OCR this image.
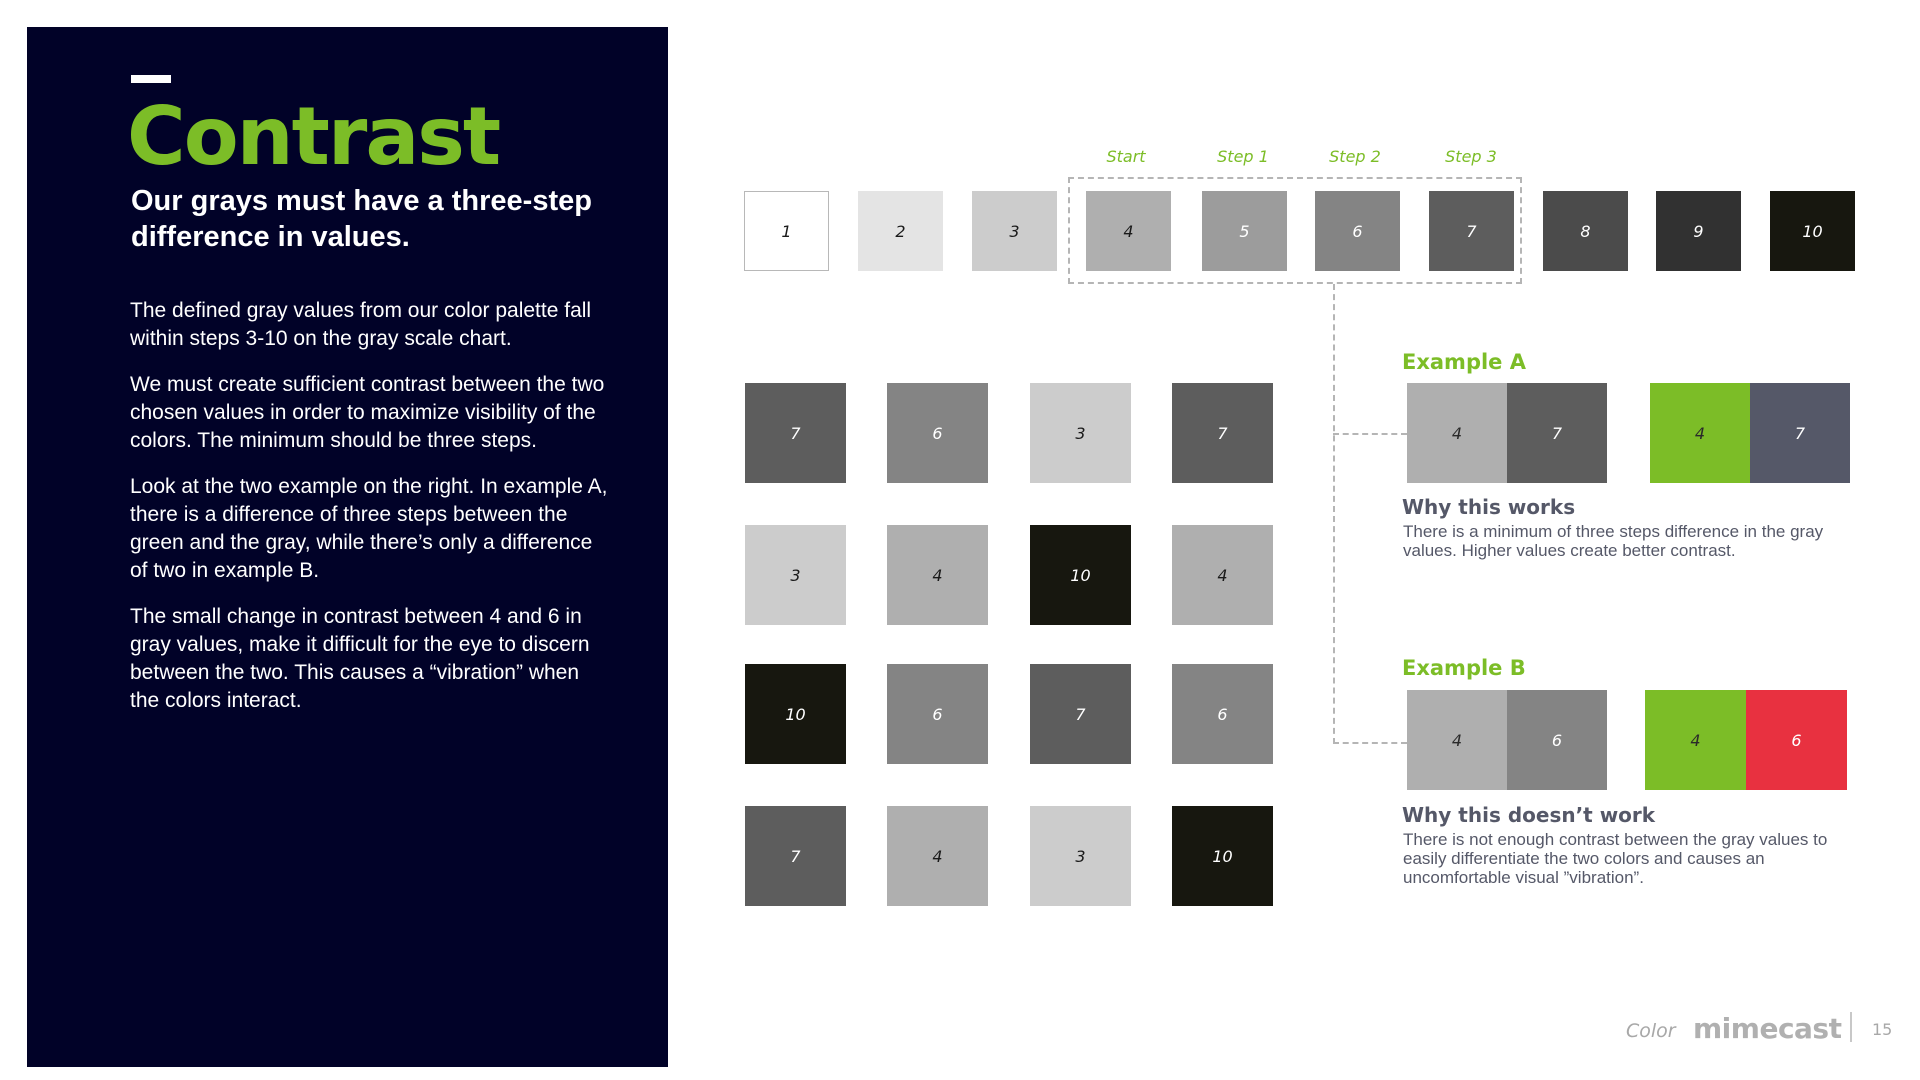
Contrast
Our grays must have a three-step difference in values.

The defined gray values from our color palette fall within steps 3-10 on the gray scale chart.

We must create sufficient contrast between the two chosen values in order to maximize visibility of the colors. The minimum should be three steps.

Look at the two example on the right. In example A, there is a difference of three steps between the green and the gray, while there’s only a difference of two in example B.

The small change in contrast between 4 and 6 in gray values, make it difficult for the eye to discern between the two. This causes a “vibration” when the colors interact.

Start	Step 1	Step 2	Step 3
1	2	3	4	5	6	7	8	9	10
7	6	3	7
3	4	10	4
10	6	7	6
7	4	3	10
Example A
4	7	4	7
Why this works
There is a minimum of three steps difference in the gray values. Higher values create better contrast.
Example B
4	6	4	6
Why this doesn’t work
There is not enough contrast between the gray values to easily differentiate the two colors and causes an uncomfortable visual ”vibration”.
Color mimecast 15
